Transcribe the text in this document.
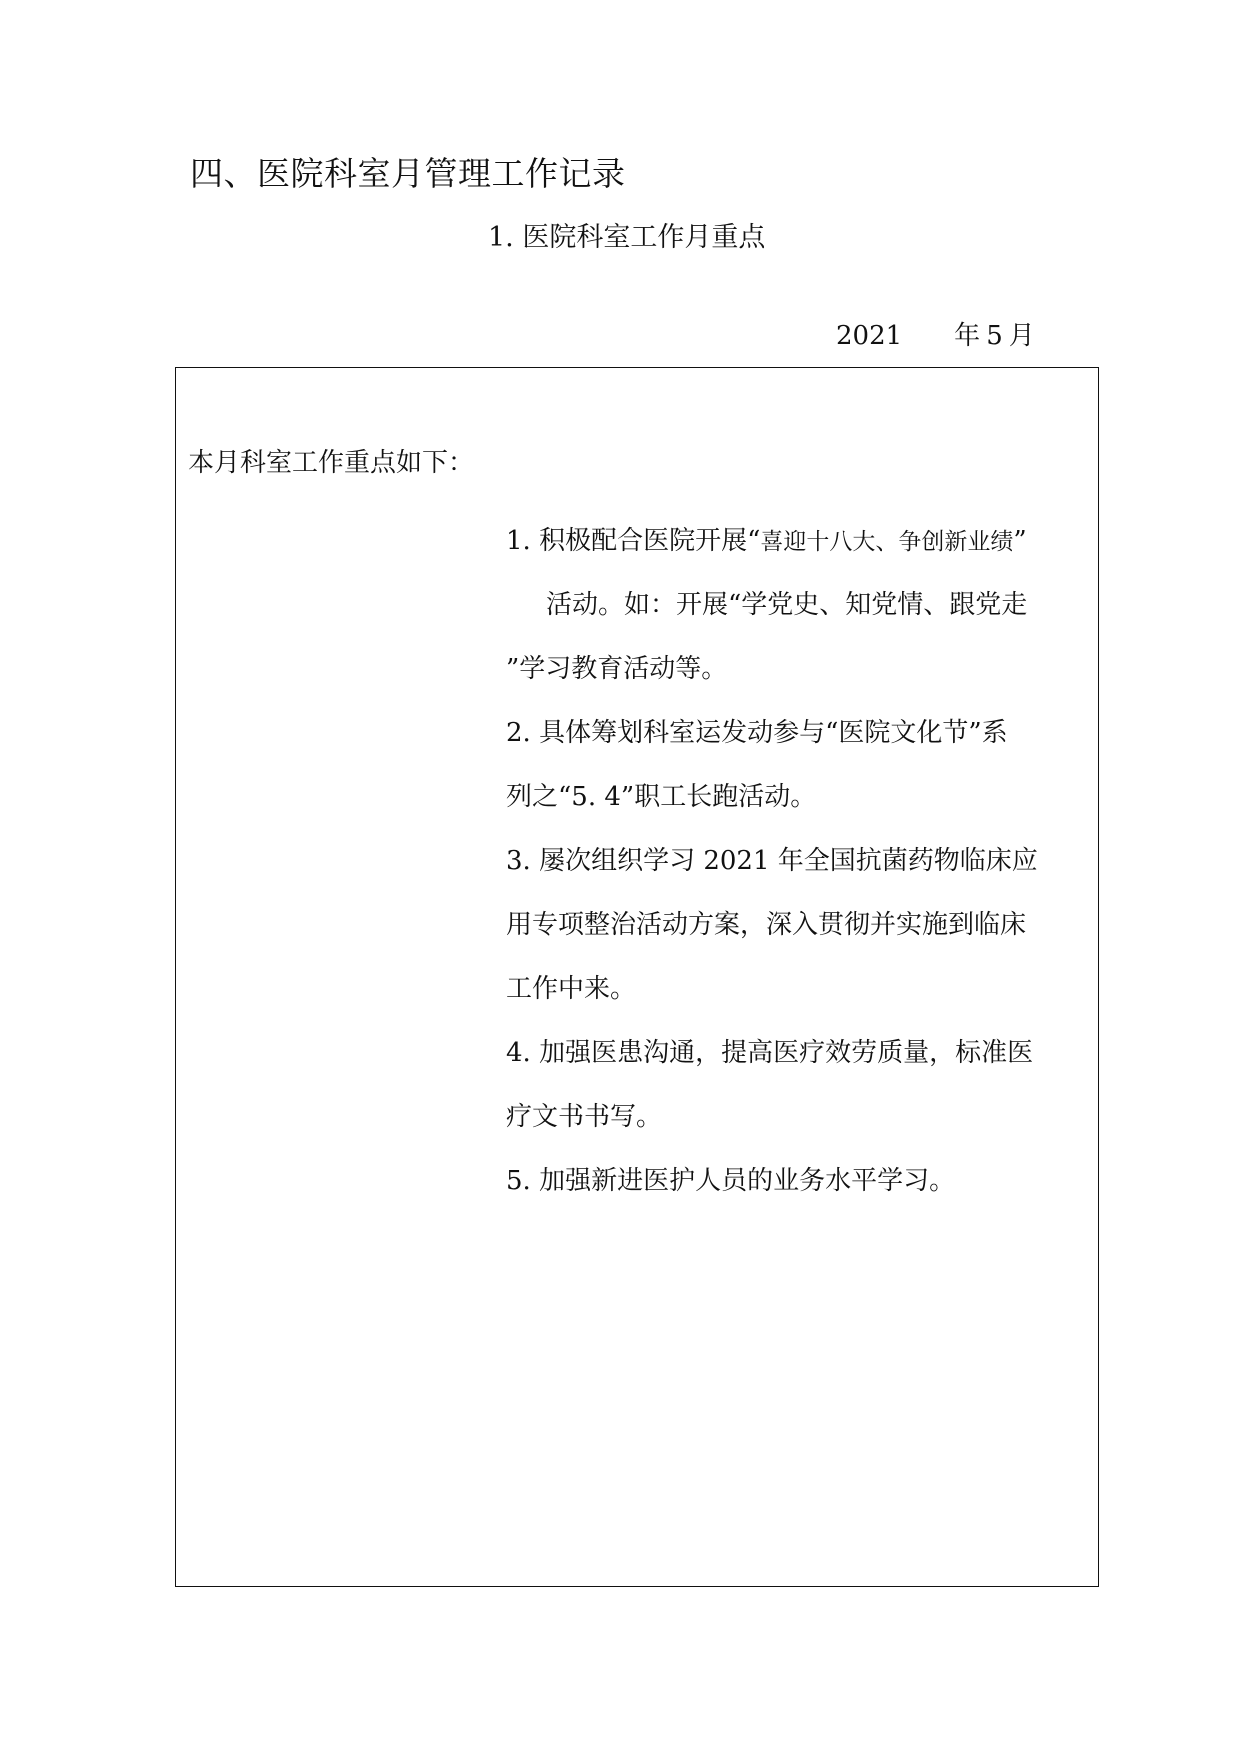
四、医院科室月管理工作记录
1. 医院科室工作月重点
2021 年 5 月
本月科室工作重点如下：
1. 积极配合医院开展“喜迎十八大、争创新业绩”
活动。如：开展“学党史、知党情、跟党走
”学习教育活动等。
2. 具体筹划科室运发动参与“医院文化节”系
列之“5. 4”职工长跑活动。
3. 屡次组织学习 2021 年全国抗菌药物临床应
用专项整治活动方案，深入贯彻并实施到临床
工作中来。
4. 加强医患沟通，提高医疗效劳质量，标准医
疗文书书写。
5. 加强新进医护人员的业务水平学习。
